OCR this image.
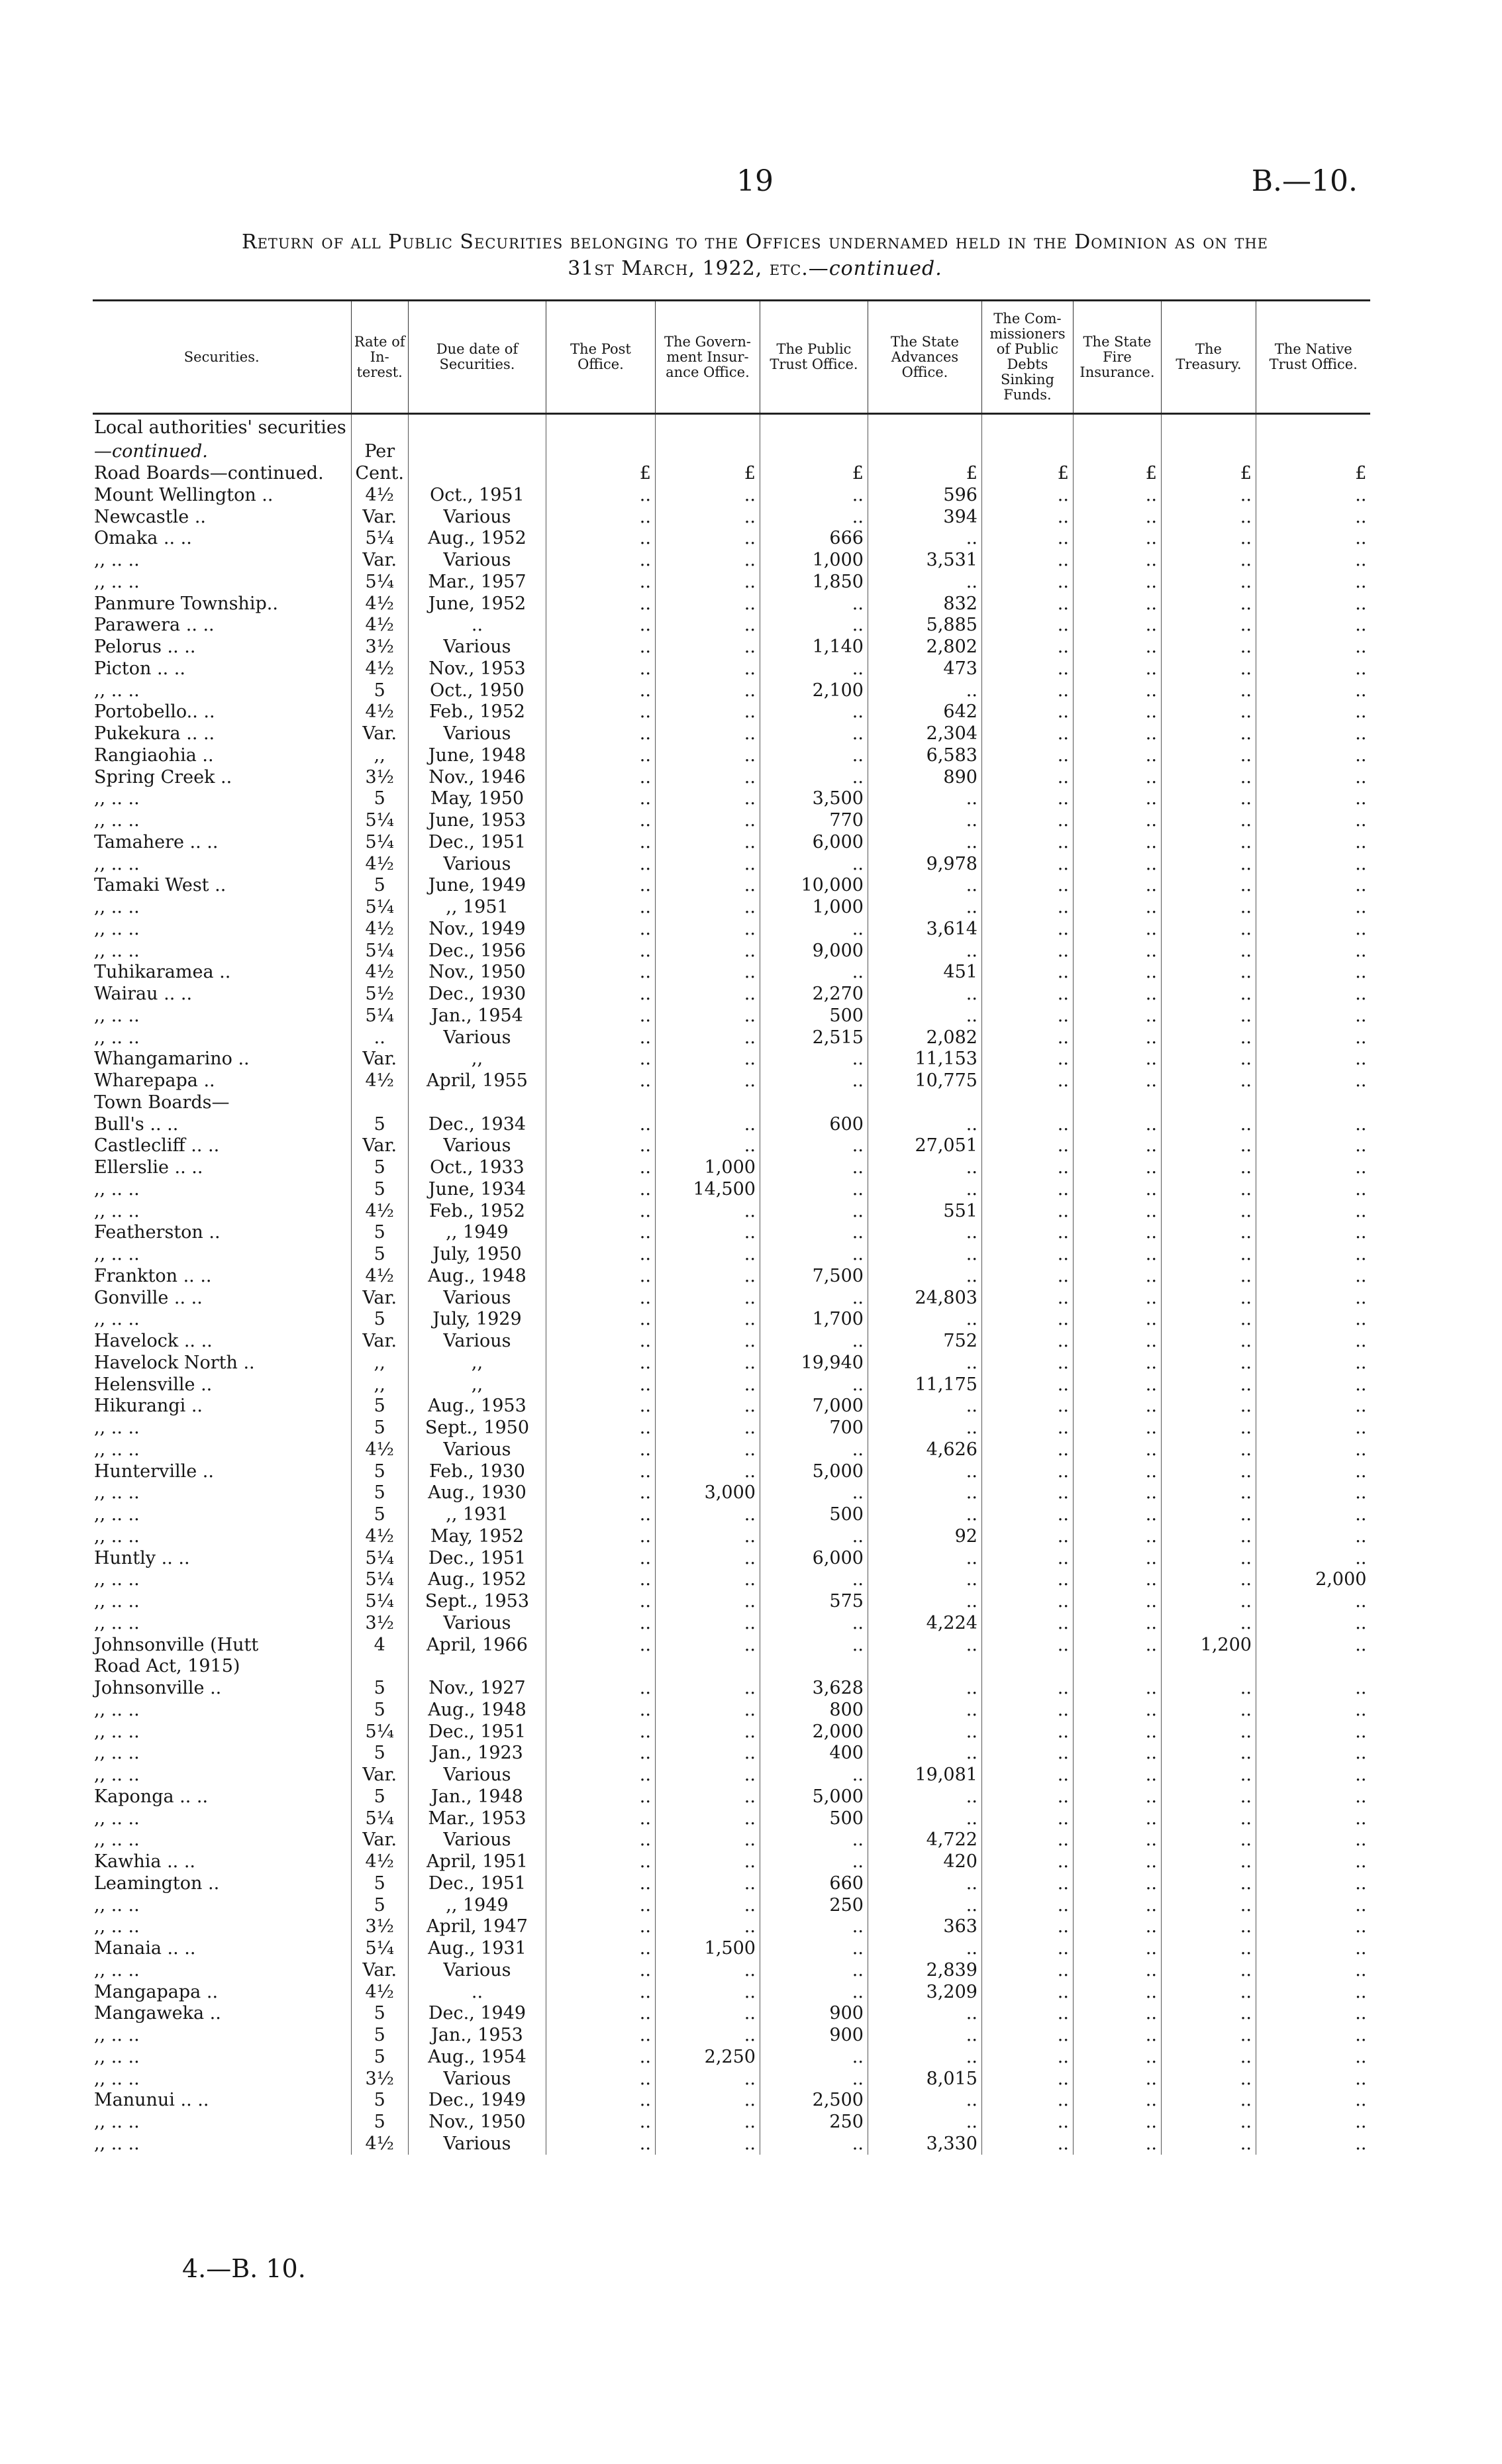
19	B.—10.
Return of all Public Securities belonging to the Offices undernamed held in the Dominion as on the
31st March, 1922, etc.—continued.
Securities.	Rate of In- terest.	Due date of Securities.	The Post Office.	The Govern- ment Insur- ance Office.	The Public Trust Office.	The State Advances Office.	The Com- missioners of Public Debts Sinking Funds.	The State Fire Insurance.	The Treasury.	The Native Trust Office.
Local authorities' securities										
—continued.	Per									
Road Boards—continued.	Cent.		£	£	£	£	£	£	£	£
Mount Wellington ..	4½	Oct., 1951	..	..	..	596	..	..	..	..
Newcastle ..	Var.	Various	..	..	..	394	..	..	..	..
Omaka .. ..	5¼	Aug., 1952	..	..	666	..	..	..	..	..
,, .. ..	Var.	Various	..	..	1,000	3,531	..	..	..	..
,, .. ..	5¼	Mar., 1957	..	..	1,850	..	..	..	..	..
Panmure Township..	4½	June, 1952	..	..	..	832	..	..	..	..
Parawera .. ..	4½	..	..	..	..	5,885	..	..	..	..
Pelorus .. ..	3½	Various	..	..	1,140	2,802	..	..	..	..
Picton .. ..	4½	Nov., 1953	..	..	..	473	..	..	..	..
,, .. ..	5	Oct., 1950	..	..	2,100	..	..	..	..	..
Portobello.. ..	4½	Feb., 1952	..	..	..	642	..	..	..	..
Pukekura .. ..	Var.	Various	..	..	..	2,304	..	..	..	..
Rangiaohia ..	,,	June, 1948	..	..	..	6,583	..	..	..	..
Spring Creek ..	3½	Nov., 1946	..	..	..	890	..	..	..	..
,, .. ..	5	May, 1950	..	..	3,500	..	..	..	..	..
,, .. ..	5¼	June, 1953	..	..	770	..	..	..	..	..
Tamahere .. ..	5¼	Dec., 1951	..	..	6,000	..	..	..	..	..
,, .. ..	4½	Various	..	..	..	9,978	..	..	..	..
Tamaki West ..	5	June, 1949	..	..	10,000	..	..	..	..	..
,, .. ..	5¼	,, 1951	..	..	1,000	..	..	..	..	..
,, .. ..	4½	Nov., 1949	..	..	..	3,614	..	..	..	..
,, .. ..	5¼	Dec., 1956	..	..	9,000	..	..	..	..	..
Tuhikaramea ..	4½	Nov., 1950	..	..	..	451	..	..	..	..
Wairau .. ..	5½	Dec., 1930	..	..	2,270	..	..	..	..	..
,, .. ..	5¼	Jan., 1954	..	..	500	..	..	..	..	..
,, .. ..	..	Various	..	..	2,515	2,082	..	..	..	..
Whangamarino ..	Var.	,,	..	..	..	11,153	..	..	..	..
Wharepapa ..	4½	April, 1955	..	..	..	10,775	..	..	..	..
Town Boards—										
Bull's .. ..	5	Dec., 1934	..	..	600	..	..	..	..	..
Castlecliff .. ..	Var.	Various	..	..	..	27,051	..	..	..	..
Ellerslie .. ..	5	Oct., 1933	..	1,000	..	..	..	..	..	..
,, .. ..	5	June, 1934	..	14,500	..	..	..	..	..	..
,, .. ..	4½	Feb., 1952	..	..	..	551	..	..	..	..
Featherston ..	5	,, 1949	..	..	..	..	..	..	..	..
,, .. ..	5	July, 1950	..	..	..	..	..	..	..	..
Frankton .. ..	4½	Aug., 1948	..	..	7,500	..	..	..	..	..
Gonville .. ..	Var.	Various	..	..	..	24,803	..	..	..	..
,, .. ..	5	July, 1929	..	..	1,700	..	..	..	..	..
Havelock .. ..	Var.	Various	..	..	..	752	..	..	..	..
Havelock North ..	,,	,,	..	..	19,940	..	..	..	..	..
Helensville ..	,,	,,	..	..	..	11,175	..	..	..	..
Hikurangi ..	5	Aug., 1953	..	..	7,000	..	..	..	..	..
,, .. ..	5	Sept., 1950	..	..	700	..	..	..	..	..
,, .. ..	4½	Various	..	..	..	4,626	..	..	..	..
Hunterville ..	5	Feb., 1930	..	..	5,000	..	..	..	..	..
,, .. ..	5	Aug., 1930	..	3,000	..	..	..	..	..	..
,, .. ..	5	,, 1931	..	..	500	..	..	..	..	..
,, .. ..	4½	May, 1952	..	..	..	92	..	..	..	..
Huntly .. ..	5¼	Dec., 1951	..	..	6,000	..	..	..	..	..
,, .. ..	5¼	Aug., 1952	..	..	..	..	..	..	..	2,000
,, .. ..	5¼	Sept., 1953	..	..	575	..	..	..	..	..
,, .. ..	3½	Various	..	..	..	4,224	..	..	..	..
Johnsonville (Hutt	4	April, 1966	..	..	..	..	..	..	1,200	..
Road Act, 1915)										
Johnsonville ..	5	Nov., 1927	..	..	3,628	..	..	..	..	..
,, .. ..	5	Aug., 1948	..	..	800	..	..	..	..	..
,, .. ..	5¼	Dec., 1951	..	..	2,000	..	..	..	..	..
,, .. ..	5	Jan., 1923	..	..	400	..	..	..	..	..
,, .. ..	Var.	Various	..	..	..	19,081	..	..	..	..
Kaponga .. ..	5	Jan., 1948	..	..	5,000	..	..	..	..	..
,, .. ..	5¼	Mar., 1953	..	..	500	..	..	..	..	..
,, .. ..	Var.	Various	..	..	..	4,722	..	..	..	..
Kawhia .. ..	4½	April, 1951	..	..	..	420	..	..	..	..
Leamington ..	5	Dec., 1951	..	..	660	..	..	..	..	..
,, .. ..	5	,, 1949	..	..	250	..	..	..	..	..
,, .. ..	3½	April, 1947	..	..	..	363	..	..	..	..
Manaia .. ..	5¼	Aug., 1931	..	1,500	..	..	..	..	..	..
,, .. ..	Var.	Various	..	..	..	2,839	..	..	..	..
Mangapapa ..	4½	..	..	..	..	3,209	..	..	..	..
Mangaweka ..	5	Dec., 1949	..	..	900	..	..	..	..	..
,, .. ..	5	Jan., 1953	..	..	900	..	..	..	..	..
,, .. ..	5	Aug., 1954	..	2,250	..	..	..	..	..	..
,, .. ..	3½	Various	..	..	..	8,015	..	..	..	..
Manunui .. ..	5	Dec., 1949	..	..	2,500	..	..	..	..	..
,, .. ..	5	Nov., 1950	..	..	250	..	..	..	..	..
,, .. ..	4½	Various	..	..	..	3,330	..	..	..	..
4.—B. 10.
